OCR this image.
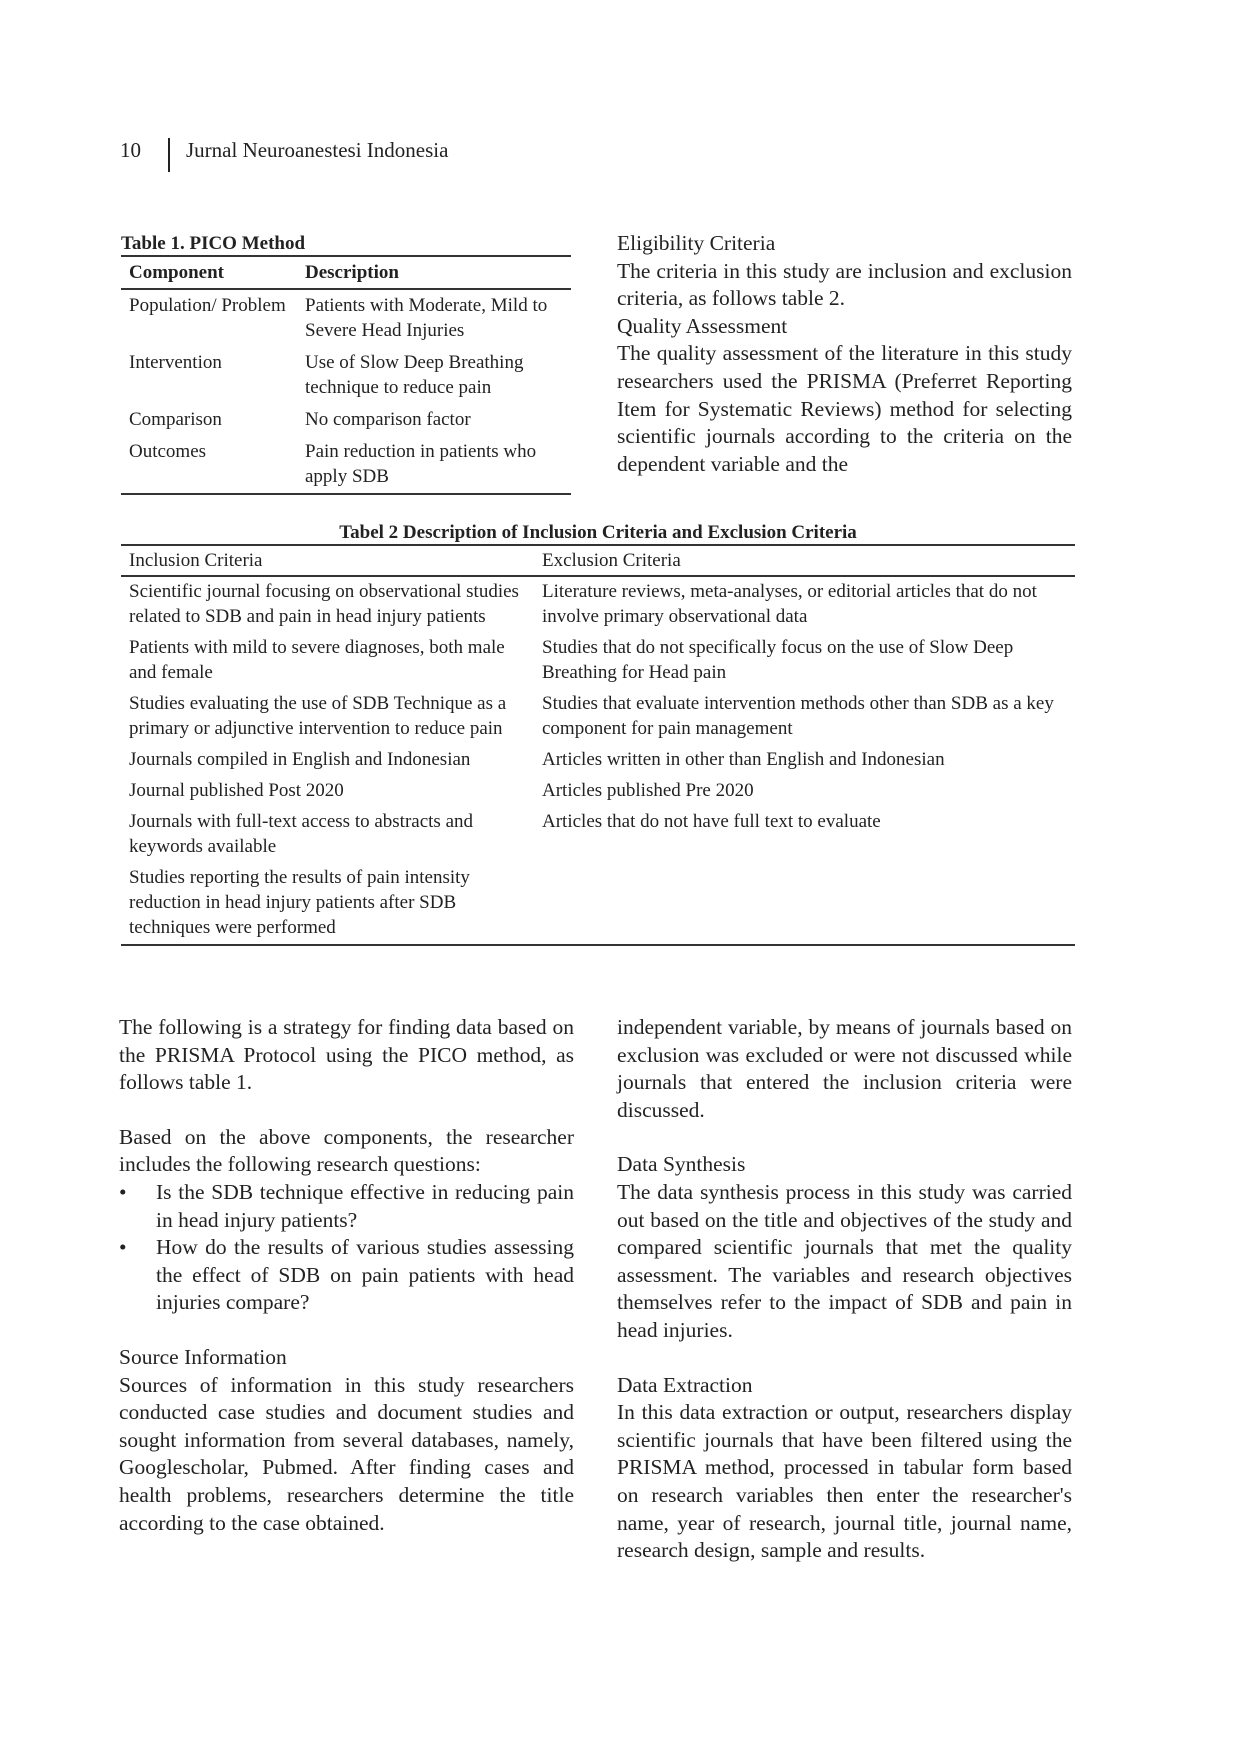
10	Jurnal Neuroanestesi Indonesia
Table 1. PICO Method
Component	Description
Population/ Problem	Patients with Moderate, Mild to Severe Head Injuries
Intervention	Use of Slow Deep Breathing technique to reduce pain
Comparison	No comparison factor
Outcomes	Pain reduction in patients who apply SDB

Eligibility Criteria

The criteria in this study are inclusion and exclusion criteria, as follows table 2.

Quality Assessment

The quality assessment of the literature in this study researchers used the PRISMA (Preferret Reporting Item for Systematic Reviews) method for selecting scientific journals according to the criteria on the dependent variable and the

Tabel 2 Description of Inclusion Criteria and Exclusion Criteria
Inclusion Criteria	Exclusion Criteria
Scientific journal focusing on observational studies related to SDB and pain in head injury patients	Literature reviews, meta-analyses, or editorial articles that do not involve primary observational data
Patients with mild to severe diagnoses, both male and female	Studies that do not specifically focus on the use of Slow Deep Breathing for Head pain
Studies evaluating the use of SDB Technique as a primary or adjunctive intervention to reduce pain	Studies that evaluate intervention methods other than SDB as a key component for pain management
Journals compiled in English and Indonesian	Articles written in other than English and Indonesian
Journal published Post 2020	Articles published Pre 2020
Journals with full-text access to abstracts and keywords available	Articles that do not have full text to evaluate
Studies reporting the results of pain intensity reduction in head injury patients after SDB techniques were performed	

The following is a strategy for finding data based on the PRISMA Protocol using the PICO method, as follows table 1.

Based on the above components, the researcher includes the following research questions:

• Is the SDB technique effective in reducing pain in head injury patients?
• How do the results of various studies assessing the effect of SDB on pain patients with head injuries compare?

Source Information

Sources of information in this study researchers conducted case studies and document studies and sought information from several databases, namely, Googlescholar, Pubmed. After finding cases and health problems, researchers determine the title according to the case obtained.

independent variable, by means of journals based on exclusion was excluded or were not discussed while journals that entered the inclusion criteria were discussed.

Data Synthesis

The data synthesis process in this study was carried out based on the title and objectives of the study and compared scientific journals that met the quality assessment. The variables and research objectives themselves refer to the impact of SDB and pain in head injuries.

Data Extraction

In this data extraction or output, researchers display scientific journals that have been filtered using the PRISMA method, processed in tabular form based on research variables then enter the researcher's name, year of research, journal title, journal name, research design, sample and results.
